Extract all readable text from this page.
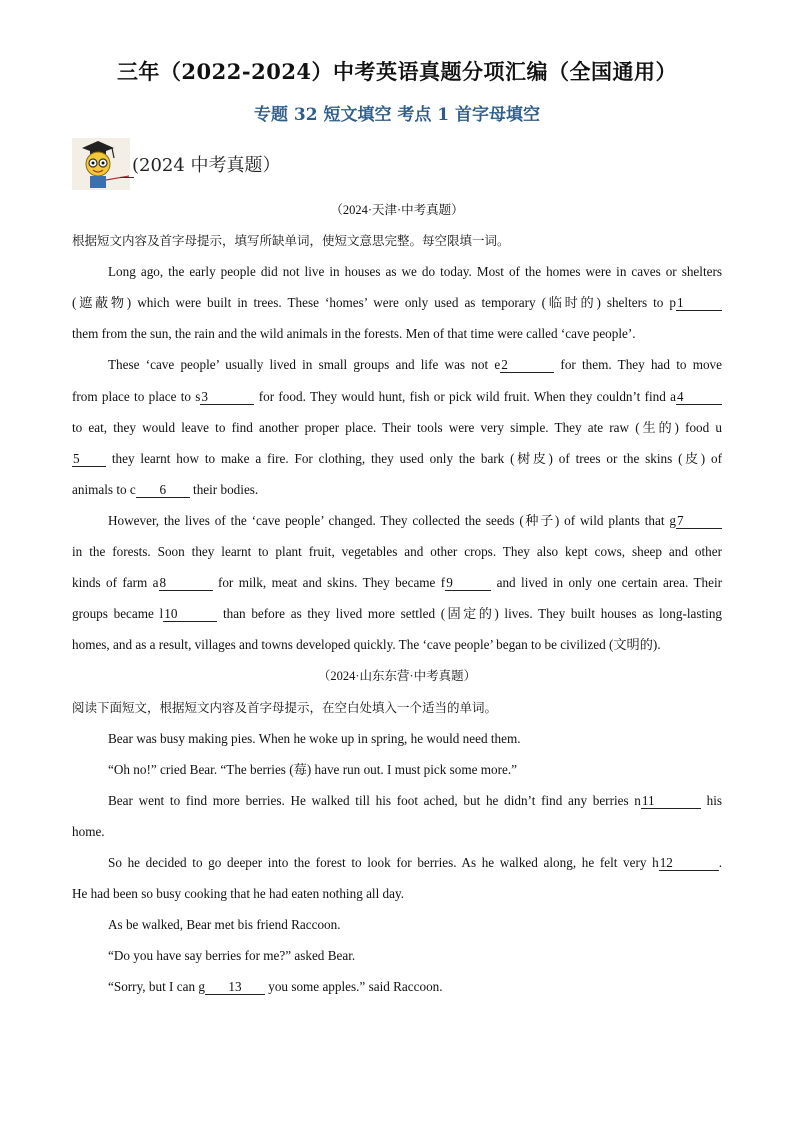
三年（2022-2024）中考英语真题分项汇编（全国通用）
专题 32 短文填空 考点 1 首字母填空
(2024 中考真题）
（2024·天津·中考真题）
根据短文内容及首字母提示，填写所缺单词，使短文意思完整。每空限填一词。
Long ago, the early people did not live in houses as we do today. Most of the homes were in caves or shelters
(遮蔽物) which were built in trees. These ‘homes’ were only used as temporary (临时的) shelters to p1
them from the sun, the rain and the wild animals in the forests. Men of that time were called ‘cave people’.
These ‘cave people’ usually lived in small groups and life was not e2	for them. They had to move
from place to place to s3	for food. They would hunt, fish or pick wild fruit. When they couldn’t find a4
to eat, they would leave to find another proper place. Their tools were very simple. They ate raw (生的) food u
5 they learnt how to make a fire. For clothing, they used only the bark (树皮) of trees or the skins (皮) of
animals to c 6 their bodies.
However, the lives of the ‘cave people’ changed. They collected the seeds (种子) of wild plants that g7
in the forests. Soon they learnt to plant fruit, vegetables and other crops. They also kept cows, sheep and other
kinds of farm a8	for milk, meat and skins. They became f9	and lived in only one certain area. Their
groups became l10	than before as they lived more settled (固定的) lives. They built houses as long-lasting
homes, and as a result, villages and towns developed quickly. The ‘cave people’ began to be civilized (文明的).
（2024·山东东营·中考真题）
阅读下面短文，根据短文内容及首字母提示，在空白处填入一个适当的单词。
Bear was busy making pies. When he woke up in spring, he would need them.
“Oh no!” cried Bear. “The berries (莓) have run out. I must pick some more.”
Bear went to find more berries. He walked till his foot ached, but he didn’t find any berries n11	his
home.
So he decided to go deeper into the forest to look for berries. As he walked along, he felt very h12	.
He had been so busy cooking that he had eaten nothing all day.
As be walked, Bear met bis friend Raccoon.
“Do you have say berries for me?” asked Bear.
“Sorry, but I can g 13 you some apples.” said Raccoon.
